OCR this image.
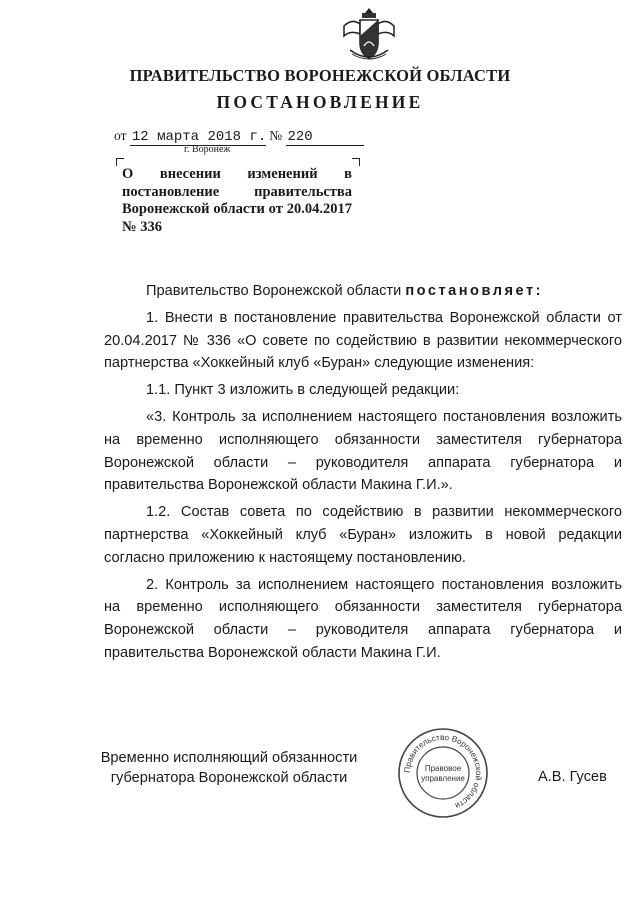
ПРАВИТЕЛЬСТВО ВОРОНЕЖСКОЙ ОБЛАСТИ
ПОСТАНОВЛЕНИЕ
от 12 марта 2018 г. № 220
г. Воронеж
О внесении изменений в постановление правительства Воронежской области от 20.04.2017 № 336

Правительство Воронежской области постановляет:

1. Внести в постановление правительства Воронежской области от 20.04.2017 № 336 «О совете по содействию в развитии некоммерческого партнерства «Хоккейный клуб «Буран» следующие изменения:

1.1. Пункт 3 изложить в следующей редакции:

«3. Контроль за исполнением настоящего постановления возложить на временно исполняющего обязанности заместителя губернатора Воронежской области – руководителя аппарата губернатора и правительства Воронежской области Макина Г.И.».

1.2. Состав совета по содействию в развитии некоммерческого партнерства «Хоккейный клуб «Буран» изложить в новой редакции согласно приложению к настоящему постановлению.

2. Контроль за исполнением настоящего постановления возложить на временно исполняющего обязанности заместителя губернатора Воронежской области – руководителя аппарата губернатора и правительства Воронежской области Макина Г.И.

Временно исполняющий обязанности
губернатора Воронежской области	А.В. Гусев
Правительство Воронежской области
Правовое
управление
